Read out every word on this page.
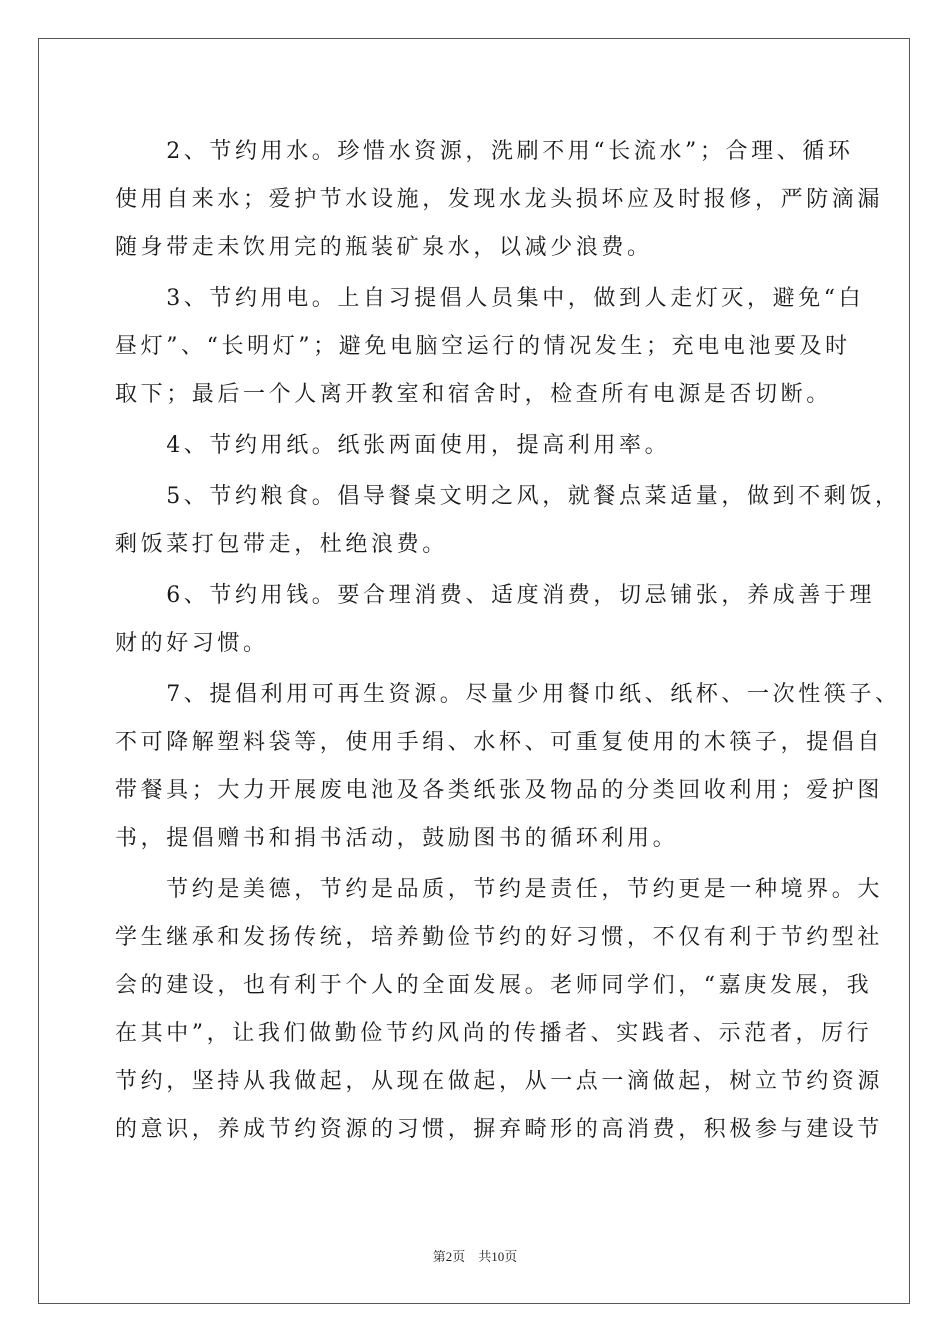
　　2、节约用水。珍惜水资源，洗刷不用“长流水”；合理、循环
使用自来水；爱护节水设施，发现水龙头损坏应及时报修，严防滴漏
随身带走未饮用完的瓶装矿泉水，以减少浪费。
　　3、节约用电。上自习提倡人员集中，做到人走灯灭，避免“白
昼灯”、“长明灯”；避免电脑空运行的情况发生；充电电池要及时
取下；最后一个人离开教室和宿舍时，检查所有电源是否切断。
　　4、节约用纸。纸张两面使用，提高利用率。
　　5、节约粮食。倡导餐桌文明之风，就餐点菜适量，做到不剩饭，
剩饭菜打包带走，杜绝浪费。
　　6、节约用钱。要合理消费、适度消费，切忌铺张，养成善于理
财的好习惯。
　　7、提倡利用可再生资源。尽量少用餐巾纸、纸杯、一次性筷子、
不可降解塑料袋等，使用手绢、水杯、可重复使用的木筷子，提倡自
带餐具；大力开展废电池及各类纸张及物品的分类回收利用；爱护图
书，提倡赠书和捐书活动，鼓励图书的循环利用。
　　节约是美德，节约是品质，节约是责任，节约更是一种境界。大
学生继承和发扬传统，培养勤俭节约的好习惯，不仅有利于节约型社
会的建设，也有利于个人的全面发展。老师同学们，“嘉庚发展，我
在其中”，让我们做勤俭节约风尚的传播者、实践者、示范者，厉行
节约，坚持从我做起，从现在做起，从一点一滴做起，树立节约资源
的意识，养成节约资源的习惯，摒弃畸形的高消费，积极参与建设节
第2页 共10页
